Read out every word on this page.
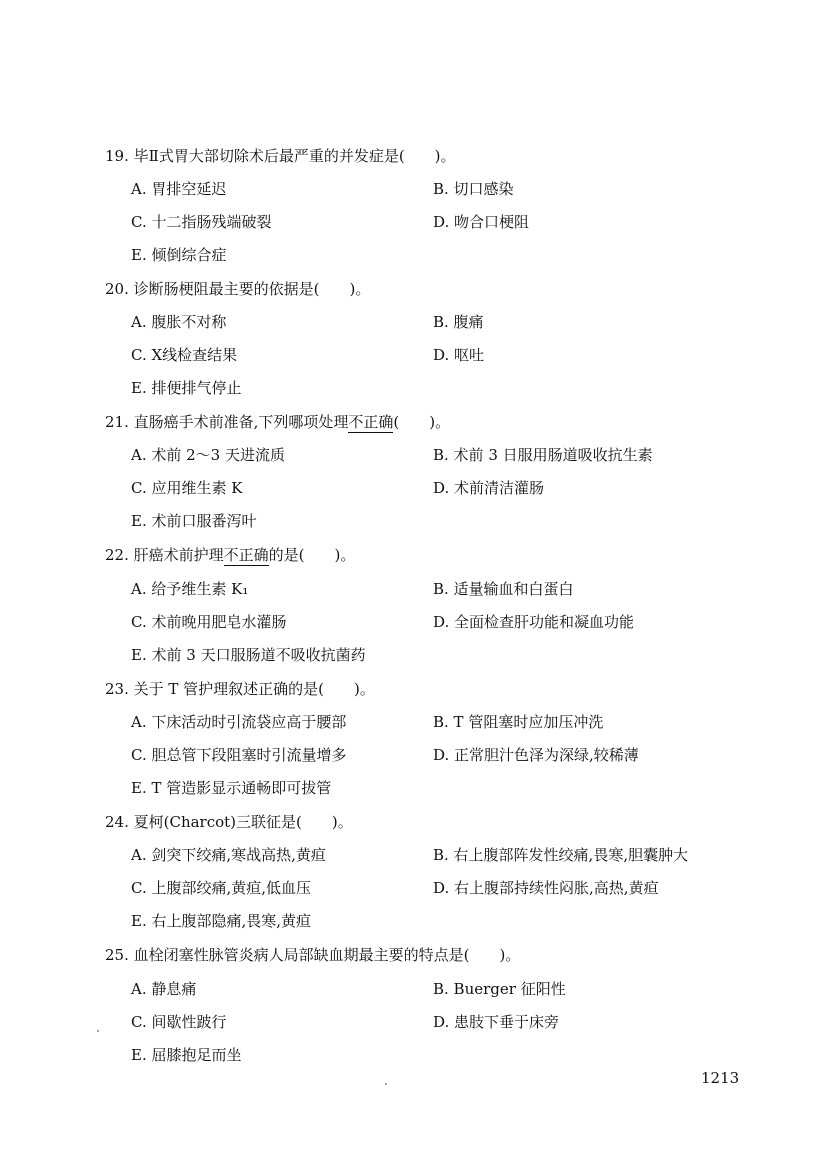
19. 毕Ⅱ式胃大部切除术后最严重的并发症是(　　)。
A. 胃排空延迟	B. 切口感染
C. 十二指肠残端破裂	D. 吻合口梗阻
E. 倾倒综合症
20. 诊断肠梗阻最主要的依据是(　　)。
A. 腹胀不对称	B. 腹痛
C. X线检查结果	D. 呕吐
E. 排便排气停止
21. 直肠癌手术前准备,下列哪项处理不正确(　　)。
A. 术前 2～3 天进流质	B. 术前 3 日服用肠道吸收抗生素
C. 应用维生素 K	D. 术前清洁灌肠
E. 术前口服番泻叶
22. 肝癌术前护理不正确的是(　　)。
A. 给予维生素 K₁	B. 适量输血和白蛋白
C. 术前晚用肥皂水灌肠	D. 全面检查肝功能和凝血功能
E. 术前 3 天口服肠道不吸收抗菌药
23. 关于 T 管护理叙述正确的是(　　)。
A. 下床活动时引流袋应高于腰部	B. T 管阻塞时应加压冲洗
C. 胆总管下段阻塞时引流量增多	D. 正常胆汁色泽为深绿,较稀薄
E. T 管造影显示通畅即可拔管
24. 夏柯(Charcot)三联征是(　　)。
A. 剑突下绞痛,寒战高热,黄疸	B. 右上腹部阵发性绞痛,畏寒,胆囊肿大
C. 上腹部绞痛,黄疸,低血压	D. 右上腹部持续性闷胀,高热,黄疸
E. 右上腹部隐痛,畏寒,黄疸
25. 血栓闭塞性脉管炎病人局部缺血期最主要的特点是(　　)。
A. 静息痛	B. Buerger 征阳性
C. 间歇性跛行	D. 患肢下垂于床旁
E. 屈膝抱足而坐
1213
